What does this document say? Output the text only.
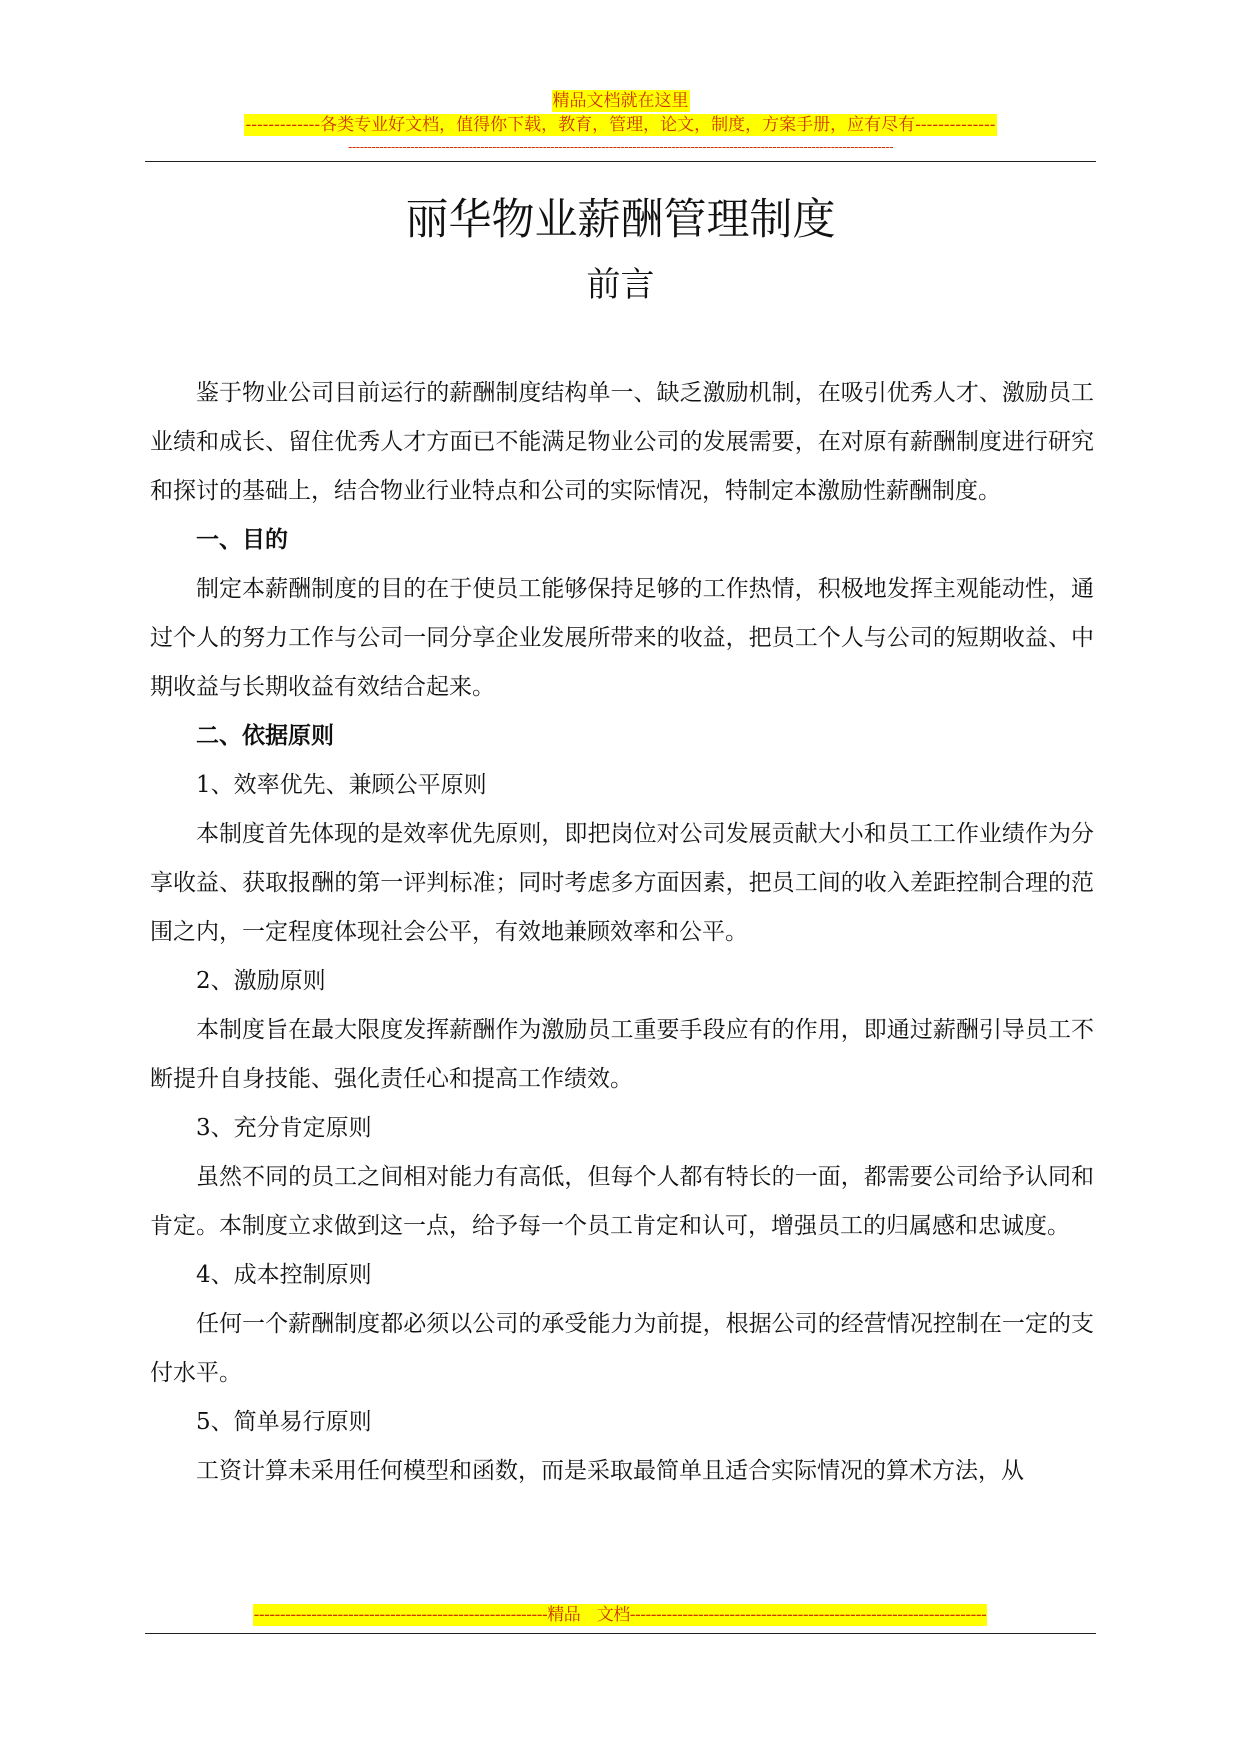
精品文档就在这里
-------------各类专业好文档，值得你下载，教育，管理，论文，制度，方案手册，应有尽有--------------
--------------------------------------------------------------------------------------------------------------------------------------------
丽华物业薪酬管理制度
前言

鉴于物业公司目前运行的薪酬制度结构单一、缺乏激励机制，在吸引优秀人才、激励员工业绩和成长、留住优秀人才方面已不能满足物业公司的发展需要，在对原有薪酬制度进行研究和探讨的基础上，结合物业行业特点和公司的实际情况，特制定本激励性薪酬制度。

一、目的

制定本薪酬制度的目的在于使员工能够保持足够的工作热情，积极地发挥主观能动性，通过个人的努力工作与公司一同分享企业发展所带来的收益，把员工个人与公司的短期收益、中期收益与长期收益有效结合起来。

二、依据原则

1、效率优先、兼顾公平原则

本制度首先体现的是效率优先原则，即把岗位对公司发展贡献大小和员工工作业绩作为分享收益、获取报酬的第一评判标准；同时考虑多方面因素，把员工间的收入差距控制合理的范围之内，一定程度体现社会公平，有效地兼顾效率和公平。

2、激励原则

本制度旨在最大限度发挥薪酬作为激励员工重要手段应有的作用，即通过薪酬引导员工不断提升自身技能、强化责任心和提高工作绩效。

3、充分肯定原则

虽然不同的员工之间相对能力有高低，但每个人都有特长的一面，都需要公司给予认同和肯定。本制度立求做到这一点，给予每一个员工肯定和认可，增强员工的归属感和忠诚度。

4、成本控制原则

任何一个薪酬制度都必须以公司的承受能力为前提，根据公司的经营情况控制在一定的支付水平。

5、简单易行原则

工资计算未采用任何模型和函数，而是采取最简单且适合实际情况的算术方法，从

--------------------------------------------------------精品　文档--------------------------------------------------------------------
